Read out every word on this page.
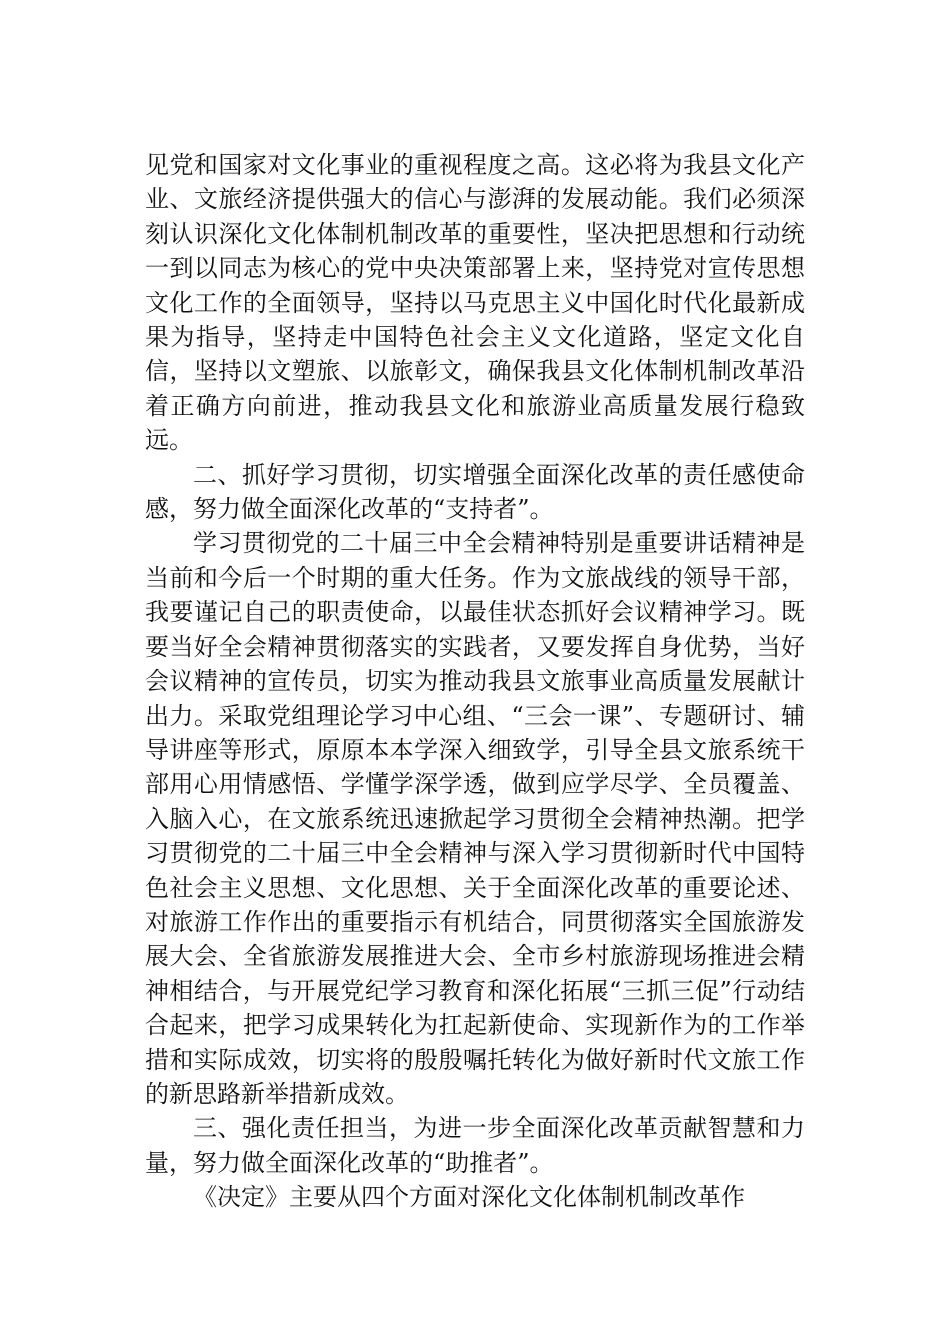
见党和国家对文化事业的重视程度之高。这必将为我县文化产业、文旅经济提供强大的信心与澎湃的发展动能。我们必须深刻认识深化文化体制机制改革的重要性，坚决把思想和行动统一到以同志为核心的党中央决策部署上来，坚持党对宣传思想文化工作的全面领导，坚持以马克思主义中国化时代化最新成果为指导，坚持走中国特色社会主义文化道路，坚定文化自信，坚持以文塑旅、以旅彰文，确保我县文化体制机制改革沿着正确方向前进，推动我县文化和旅游业高质量发展行稳致远。

二、抓好学习贯彻，切实增强全面深化改革的责任感使命感，努力做全面深化改革的“支持者”。

学习贯彻党的二十届三中全会精神特别是重要讲话精神是当前和今后一个时期的重大任务。作为文旅战线的领导干部，我要谨记自己的职责使命，以最佳状态抓好会议精神学习。既要当好全会精神贯彻落实的实践者，又要发挥自身优势，当好会议精神的宣传员，切实为推动我县文旅事业高质量发展献计出力。采取党组理论学习中心组、“三会一课”、专题研讨、辅导讲座等形式，原原本本学深入细致学，引导全县文旅系统干部用心用情感悟、学懂学深学透，做到应学尽学、全员覆盖、入脑入心，在文旅系统迅速掀起学习贯彻全会精神热潮。把学习贯彻党的二十届三中全会精神与深入学习贯彻新时代中国特色社会主义思想、文化思想、关于全面深化改革的重要论述、对旅游工作作出的重要指示有机结合，同贯彻落实全国旅游发展大会、全省旅游发展推进大会、全市乡村旅游现场推进会精神相结合，与开展党纪学习教育和深化拓展“三抓三促”行动结合起来，把学习成果转化为扛起新使命、实现新作为的工作举措和实际成效，切实将的殷殷嘱托转化为做好新时代文旅工作的新思路新举措新成效。

三、强化责任担当，为进一步全面深化改革贡献智慧和力量，努力做全面深化改革的“助推者”。

《决定》主要从四个方面对深化文化体制机制改革作
